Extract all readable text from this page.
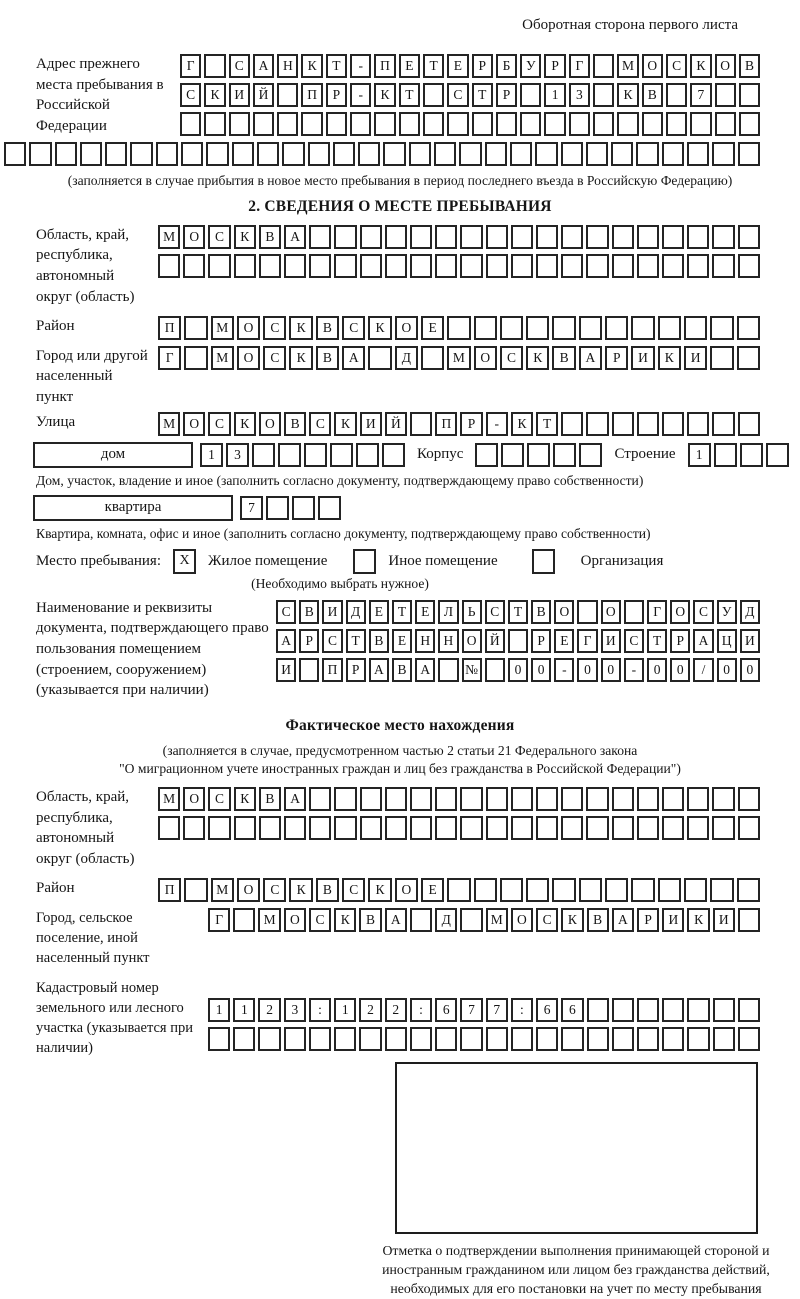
Оборотная сторона первого листа
Адрес прежнего места пребывания в Российской Федерации
Г	С	А	Н	К	Т	-	П	Е	Т	Е	Р	Б	У	Р	Г	М О	С	К	О	В
С	К	И	Й	П	Р	-	К	Т	С	Т	Р	1	3	К	В	7
(заполняется в случае прибытия в новое место пребывания в период последнего въезда в Российскую Федерацию)
2. СВЕДЕНИЯ О МЕСТЕ ПРЕБЫВАНИЯ
Область, край, республика, автономный округ (область)
М	О	С	К	В	А
Район	П	М	О	С	К	В	С	К	О	Е
Город или другой населенный пункт
Г	М	О	С	К	В	А	Д	М	О	С	К	В	А	Р	И	К	И
Улица	М	О	С	К	О	В	С	К	И	Й	П	Р	-	К	Т
дом	1	3	Корпус	Строение	1
Дом, участок, владение и иное (заполнить согласно документу, подтверждающему право собственности)
квартира	7
Квартира, комната, офис и иное (заполнить согласно документу, подтверждающему право собственности)
Место пребывания:	X	Жилое помещение	Иное помещение	Организация
(Необходимо выбрать нужное)
Наименование и реквизиты документа, подтверждающего право пользования помещением (строением, сооружением) (указывается при наличии)
С	В	И	Д	Е	Т	Е	Л	Ь	С	Т	В	О	О	Г	О	С	У	Д
А	Р	С	Т	В	Е	Н Н О Й	Р	Е	Г	И	С	Т	Р	А Ц И
И	П	Р	А	В	А	№	0	0	-	0	0	-	0	0	/	0	0
Фактическое место нахождения
(заполняется в случае, предусмотренном частью 2 статьи 21 Федерального закона
"О миграционном учете иностранных граждан и лиц без гражданства в Российской Федерации")
Область, край, республика, автономный округ (область)
М	О	С	К	В	А
Район	П	М	О	С	К	В	С	К	О	Е
Город, сельское поселение, иной населенный пункт
Г	М	О	С	К	В	А	Д	М	О	С	К	В	А	Р	И	К	И
Кадастровый номер земельного или лесного участка (указывается при наличии)
1	1	2	3	:	1	2	2	:	6	7	7	:	6	6
Отметка о подтверждении выполнения принимающей стороной и иностранным гражданином или лицом без гражданства действий, необходимых для его постановки на учет по месту пребывания
